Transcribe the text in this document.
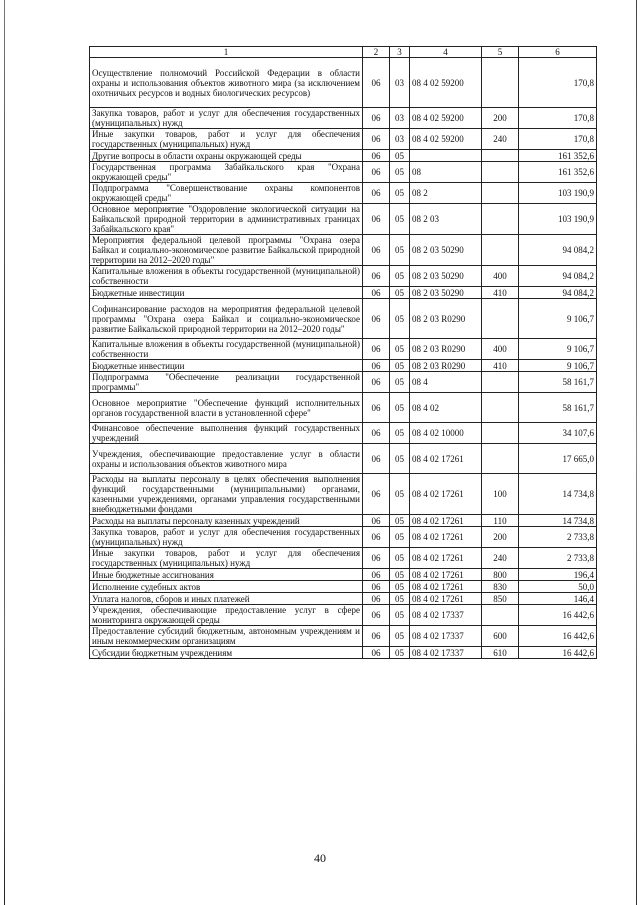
1	2	3	4	5	6
Осуществление полномочий Российской Федерации в области охраны и использования объектов животного мира (за исключением охотничьих ресурсов и водных биологических ресурсов)	06	03	08 4 02 59200		170,8
Закупка товаров, работ и услуг для обеспечения государственных (муниципальных) нужд	06	03	08 4 02 59200	200	170,8
Иные закупки товаров, работ и услуг для обеспечения государственных (муниципальных) нужд	06	03	08 4 02 59200	240	170,8
Другие вопросы в области охраны окружающей среды	06	05			161 352,6
Государственная программа Забайкальского края "Охрана окружающей среды"	06	05	08		161 352,6
Подпрограмма "Совершенствование охраны компонентов окружающей среды"	06	05	08 2		103 190,9
Основное мероприятие "Оздоровление экологической ситуации на Байкальской природной территории в административных границах Забайкальского края"	06	05	08 2 03		103 190,9
Мероприятия федеральной целевой программы "Охрана озера Байкал и социально-экономическое развитие Байкальской природной территории на 2012–2020 годы"	06	05	08 2 03 50290		94 084,2
Капитальные вложения в объекты государственной (муниципальной) собственности	06	05	08 2 03 50290	400	94 084,2
Бюджетные инвестиции	06	05	08 2 03 50290	410	94 084,2
Софинансирование расходов на мероприятия федеральной целевой программы "Охрана озера Байкал и социально-экономическое развитие Байкальской природной территории на 2012–2020 годы"	06	05	08 2 03 R0290		9 106,7
Капитальные вложения в объекты государственной (муниципальной) собственности	06	05	08 2 03 R0290	400	9 106,7
Бюджетные инвестиции	06	05	08 2 03 R0290	410	9 106,7
Подпрограмма "Обеспечение реализации государственной программы"	06	05	08 4		58 161,7
Основное мероприятие "Обеспечение функций исполнительных органов государственной власти в установленной сфере"	06	05	08 4 02		58 161,7
Финансовое обеспечение выполнения функций государственных учреждений	06	05	08 4 02 10000		34 107,6
Учреждения, обеспечивающие предоставление услуг в области охраны и использования объектов животного мира	06	05	08 4 02 17261		17 665,0
Расходы на выплаты персоналу в целях обеспечения выполнения функций государственными (муниципальными) органами, казенными учреждениями, органами управления государственными внебюджетными фондами	06	05	08 4 02 17261	100	14 734,8
Расходы на выплаты персоналу казенных учреждений	06	05	08 4 02 17261	110	14 734,8
Закупка товаров, работ и услуг для обеспечения государственных (муниципальных) нужд	06	05	08 4 02 17261	200	2 733,8
Иные закупки товаров, работ и услуг для обеспечения государственных (муниципальных) нужд	06	05	08 4 02 17261	240	2 733,8
Иные бюджетные ассигнования	06	05	08 4 02 17261	800	196,4
Исполнение судебных актов	06	05	08 4 02 17261	830	50,0
Уплата налогов, сборов и иных платежей	06	05	08 4 02 17261	850	146,4
Учреждения, обеспечивающие предоставление услуг в сфере мониторинга окружающей среды	06	05	08 4 02 17337		16 442,6
Предоставление субсидий бюджетным, автономным учреждениям и иным некоммерческим организациям	06	05	08 4 02 17337	600	16 442,6
Субсидии бюджетным учреждениям	06	05	08 4 02 17337	610	16 442,6
40
